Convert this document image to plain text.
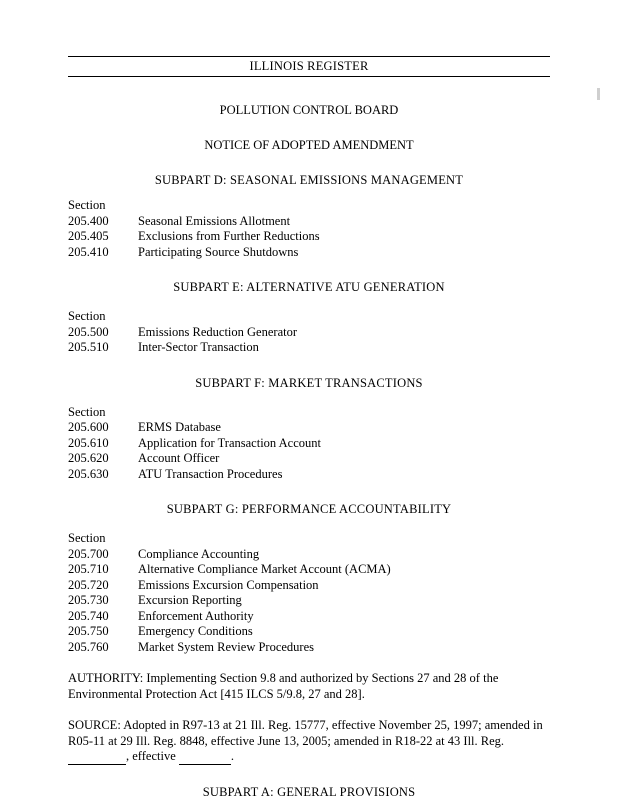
ILLINOIS REGISTER
POLLUTION CONTROL BOARD
NOTICE OF ADOPTED AMENDMENT
SUBPART D: SEASONAL EMISSIONS MANAGEMENT
Section
205.400	Seasonal Emissions Allotment
205.405	Exclusions from Further Reductions
205.410	Participating Source Shutdowns
SUBPART E: ALTERNATIVE ATU GENERATION
Section
205.500	Emissions Reduction Generator
205.510	Inter-Sector Transaction
SUBPART F: MARKET TRANSACTIONS
Section
205.600	ERMS Database
205.610	Application for Transaction Account
205.620	Account Officer
205.630	ATU Transaction Procedures
SUBPART G: PERFORMANCE ACCOUNTABILITY
Section
205.700	Compliance Accounting
205.710	Alternative Compliance Market Account (ACMA)
205.720	Emissions Excursion Compensation
205.730	Excursion Reporting
205.740	Enforcement Authority
205.750	Emergency Conditions
205.760	Market System Review Procedures
AUTHORITY: Implementing Section 9.8 and authorized by Sections 27 and 28 of the Environmental Protection Act [415 ILCS 5/9.8, 27 and 28].
SOURCE: Adopted in R97-13 at 21 Ill. Reg. 15777, effective November 25, 1997; amended in R05-11 at 29 Ill. Reg. 8848, effective June 13, 2005; amended in R18-22 at 43 Ill. Reg.
, effective	.
SUBPART A: GENERAL PROVISIONS
